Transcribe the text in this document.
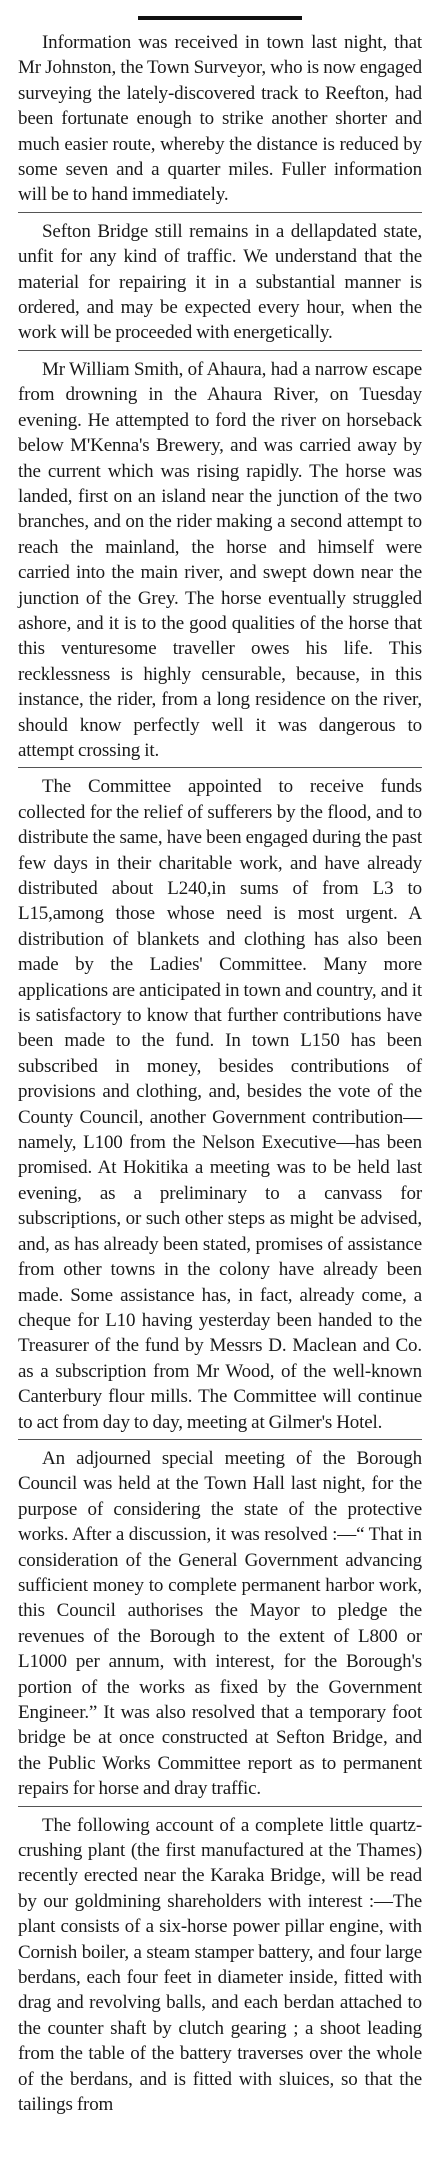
Information was received in town last night, that Mr Johnston, the Town Surveyor, who is now engaged surveying the lately-discovered track to Reefton, had been fortunate enough to strike another shorter and much easier route, whereby the distance is reduced by some seven and a quarter miles. Fuller information will be to hand immediately.

Sefton Bridge still remains in a dellapdated state, unfit for any kind of traffic. We understand that the material for repairing it in a substantial manner is ordered, and may be expected every hour, when the work will be proceeded with energetically.

Mr William Smith, of Ahaura, had a narrow escape from drowning in the Ahaura River, on Tuesday evening. He attempted to ford the river on horseback below M'Kenna's Brewery, and was carried away by the current which was rising rapidly. The horse was landed, first on an island near the junction of the two branches, and on the rider making a second attempt to reach the mainland, the horse and himself were carried into the main river, and swept down near the junction of the Grey. The horse eventually struggled ashore, and it is to the good qualities of the horse that this venturesome traveller owes his life. This recklessness is highly censurable, because, in this instance, the rider, from a long residence on the river, should know perfectly well it was dangerous to attempt crossing it.

The Committee appointed to receive funds collected for the relief of sufferers by the flood, and to distribute the same, have been engaged during the past few days in their charitable work, and have already distributed about L240,in sums of from L3 to L15,among those whose need is most urgent. A distribution of blankets and clothing has also been made by the Ladies' Committee. Many more applications are anticipated in town and country, and it is satisfactory to know that further contributions have been made to the fund. In town L150 has been subscribed in money, besides contributions of provisions and clothing, and, besides the vote of the County Council, another Government contribution—namely, L100 from the Nelson Executive—has been promised. At Hokitika a meeting was to be held last evening, as a preliminary to a canvass for subscriptions, or such other steps as might be advised, and, as has already been stated, promises of assistance from other towns in the colony have already been made. Some assistance has, in fact, already come, a cheque for L10 having yesterday been handed to the Treasurer of the fund by Messrs D. Maclean and Co. as a subscription from Mr Wood, of the well-known Canterbury flour mills. The Committee will continue to act from day to day, meeting at Gilmer's Hotel.

An adjourned special meeting of the Borough Council was held at the Town Hall last night, for the purpose of considering the state of the protective works. After a discussion, it was resolved :—“ That in consideration of the General Government advancing sufficient money to complete permanent harbor work, this Council authorises the Mayor to pledge the revenues of the Borough to the extent of L800 or L1000 per annum, with interest, for the Borough's portion of the works as fixed by the Government Engineer.” It was also resolved that a temporary foot bridge be at once constructed at Sefton Bridge, and the Public Works Committee report as to permanent repairs for horse and dray traffic.

The following account of a complete little quartz-crushing plant (the first manufactured at the Thames) recently erected near the Karaka Bridge, will be read by our goldmining shareholders with interest :—The plant consists of a six-horse power pillar engine, with Cornish boiler, a steam stamper battery, and four large berdans, each four feet in diameter inside, fitted with drag and revolving balls, and each berdan attached to the counter shaft by clutch gearing ; a shoot leading from the table of the battery traverses over the whole of the berdans, and is fitted with sluices, so that the tailings from
